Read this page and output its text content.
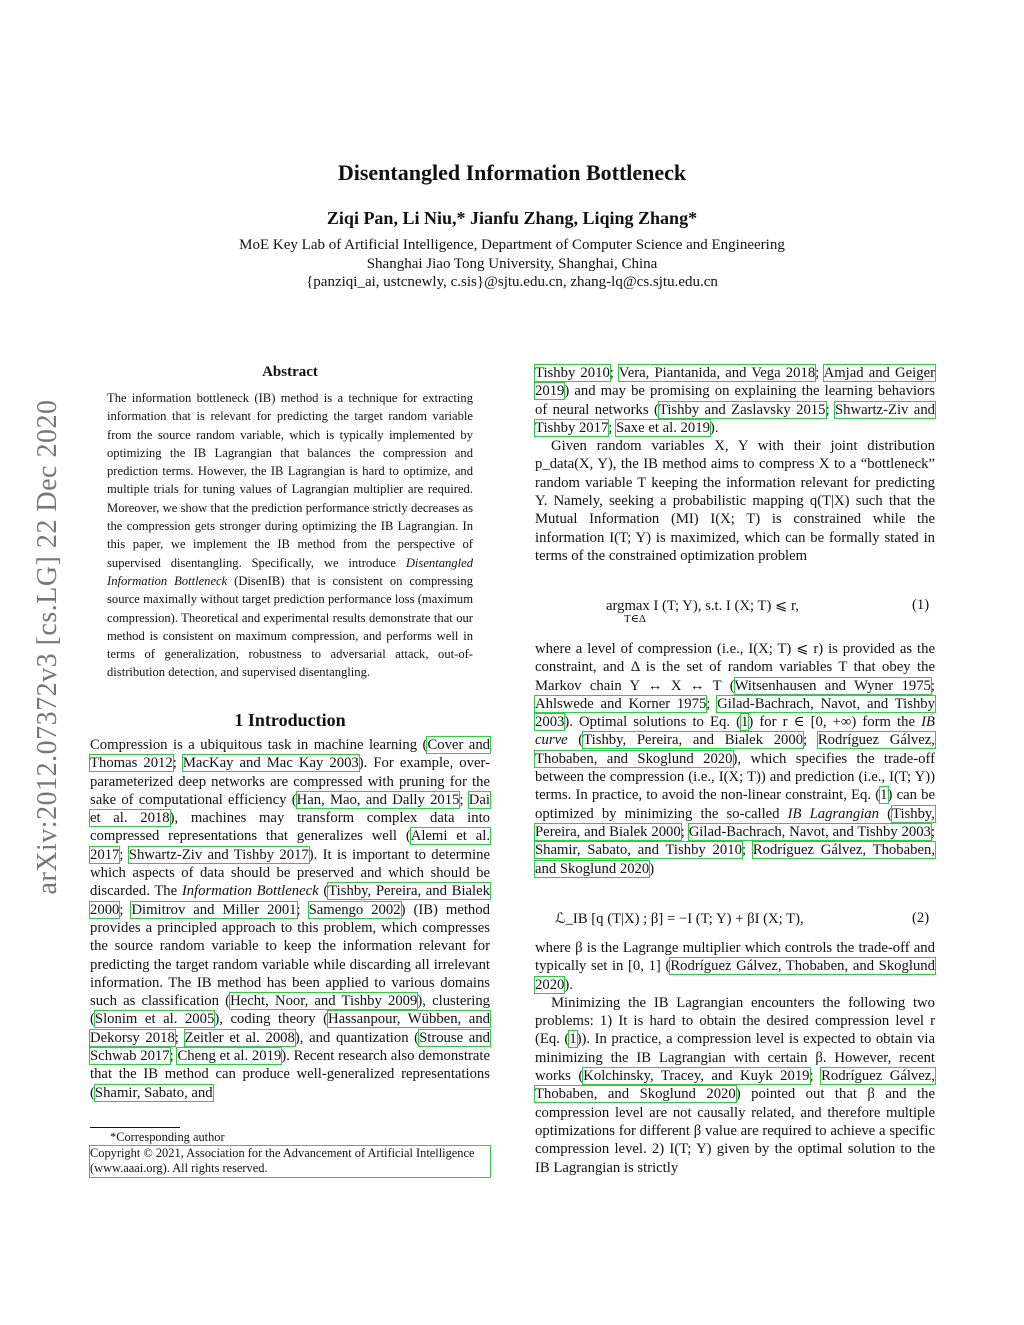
Disentangled Information Bottleneck
Ziqi Pan, Li Niu,* Jianfu Zhang, Liqing Zhang*
MoE Key Lab of Artificial Intelligence, Department of Computer Science and Engineering
Shanghai Jiao Tong University, Shanghai, China
{panziqi_ai, ustcnewly, c.sis}@sjtu.edu.cn, zhang-lq@cs.sjtu.edu.cn
arXiv:2012.07372v3 [cs.LG] 22 Dec 2020
Abstract
The information bottleneck (IB) method is a technique for extracting information that is relevant for predicting the target random variable from the source random variable, which is typically implemented by optimizing the IB Lagrangian that balances the compression and prediction terms. However, the IB Lagrangian is hard to optimize, and multiple trials for tuning values of Lagrangian multiplier are required. Moreover, we show that the prediction performance strictly decreases as the compression gets stronger during optimizing the IB Lagrangian. In this paper, we implement the IB method from the perspective of supervised disentangling. Specifically, we introduce Disentangled Information Bottleneck (DisenIB) that is consistent on compressing source maximally without target prediction performance loss (maximum compression). Theoretical and experimental results demonstrate that our method is consistent on maximum compression, and performs well in terms of generalization, robustness to adversarial attack, out-of-distribution detection, and supervised disentangling.
1 Introduction
Compression is a ubiquitous task in machine learning (Cover and Thomas 2012; MacKay and Mac Kay 2003). For example, over-parameterized deep networks are compressed with pruning for the sake of computational efficiency (Han, Mao, and Dally 2015; Dai et al. 2018), machines may transform complex data into compressed representations that generalizes well (Alemi et al. 2017; Shwartz-Ziv and Tishby 2017). It is important to determine which aspects of data should be preserved and which should be discarded. The Information Bottleneck (Tishby, Pereira, and Bialek 2000; Dimitrov and Miller 2001; Samengo 2002) (IB) method provides a principled approach to this problem, which compresses the source random variable to keep the information relevant for predicting the target random variable while discarding all irrelevant information. The IB method has been applied to various domains such as classification (Hecht, Noor, and Tishby 2009), clustering (Slonim et al. 2005), coding theory (Hassanpour, Wübben, and Dekorsy 2018; Zeitler et al. 2008), and quantization (Strouse and Schwab 2017; Cheng et al. 2019). Recent research also demonstrate that the IB method can produce well-generalized representations (Shamir, Sabato, and
*Corresponding author
Copyright © 2021, Association for the Advancement of Artificial Intelligence (www.aaai.org). All rights reserved.
Tishby 2010; Vera, Piantanida, and Vega 2018; Amjad and Geiger 2019) and may be promising on explaining the learning behaviors of neural networks (Tishby and Zaslavsky 2015; Shwartz-Ziv and Tishby 2017; Saxe et al. 2019).
Given random variables X, Y with their joint distribution p_data(X, Y), the IB method aims to compress X to a “bottleneck” random variable T keeping the information relevant for predicting Y. Namely, seeking a probabilistic mapping q(T|X) such that the Mutual Information (MI) I(X; T) is constrained while the information I(T; Y) is maximized, which can be formally stated in terms of the constrained optimization problem
argmax I (T; Y), s.t. I (X; T) ⩽ r,
T∈Δ
(1)
where a level of compression (i.e., I(X; T) ⩽ r) is provided as the constraint, and Δ is the set of random variables T that obey the Markov chain Y ↔ X ↔ T (Witsenhausen and Wyner 1975; Ahlswede and Korner 1975; Gilad-Bachrach, Navot, and Tishby 2003). Optimal solutions to Eq. (1) for r ∈ [0, +∞) form the IB curve (Tishby, Pereira, and Bialek 2000; Rodríguez Gálvez, Thobaben, and Skoglund 2020), which specifies the trade-off between the compression (i.e., I(X; T)) and prediction (i.e., I(T; Y)) terms. In practice, to avoid the non-linear constraint, Eq. (1) can be optimized by minimizing the so-called IB Lagrangian (Tishby, Pereira, and Bialek 2000; Gilad-Bachrach, Navot, and Tishby 2003; Shamir, Sabato, and Tishby 2010; Rodríguez Gálvez, Thobaben, and Skoglund 2020)
ℒ_IB [q (T|X) ; β] = −I (T; Y) + βI (X; T),	(2)
where β is the Lagrange multiplier which controls the trade-off and typically set in [0, 1] (Rodríguez Gálvez, Thobaben, and Skoglund 2020).
Minimizing the IB Lagrangian encounters the following two problems: 1) It is hard to obtain the desired compression level r (Eq. (1)). In practice, a compression level is expected to obtain via minimizing the IB Lagrangian with certain β. However, recent works (Kolchinsky, Tracey, and Kuyk 2019; Rodríguez Gálvez, Thobaben, and Skoglund 2020) pointed out that β and the compression level are not causally related, and therefore multiple optimizations for different β value are required to achieve a specific compression level. 2) I(T; Y) given by the optimal solution to the IB Lagrangian is strictly
